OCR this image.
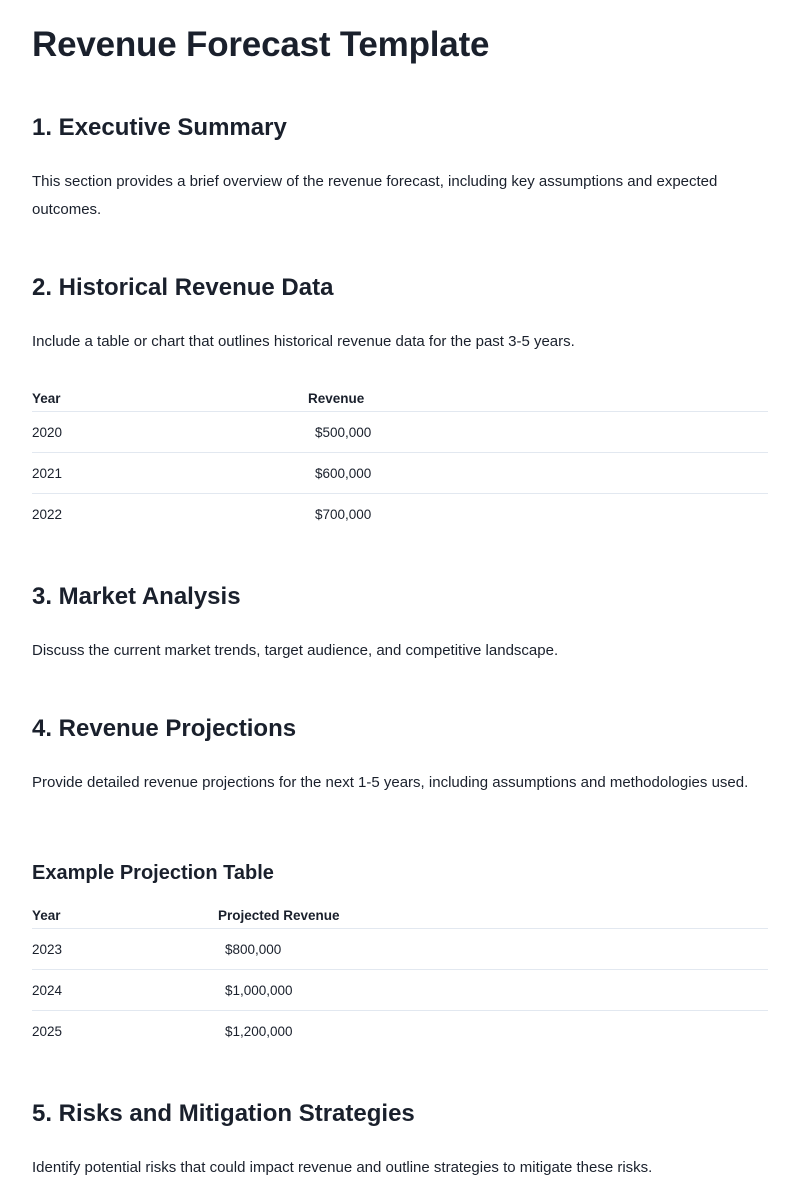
Revenue Forecast Template
1. Executive Summary

This section provides a brief overview of the revenue forecast, including key assumptions and expected outcomes.

2. Historical Revenue Data

Include a table or chart that outlines historical revenue data for the past 3-5 years.

Year	Revenue
2020	$500,000
2021	$600,000
2022	$700,000
3. Market Analysis

Discuss the current market trends, target audience, and competitive landscape.

4. Revenue Projections

Provide detailed revenue projections for the next 1-5 years, including assumptions and methodologies used.

Example Projection Table
Year	Projected Revenue
2023	$800,000
2024	$1,000,000
2025	$1,200,000
5. Risks and Mitigation Strategies

Identify potential risks that could impact revenue and outline strategies to mitigate these risks.
